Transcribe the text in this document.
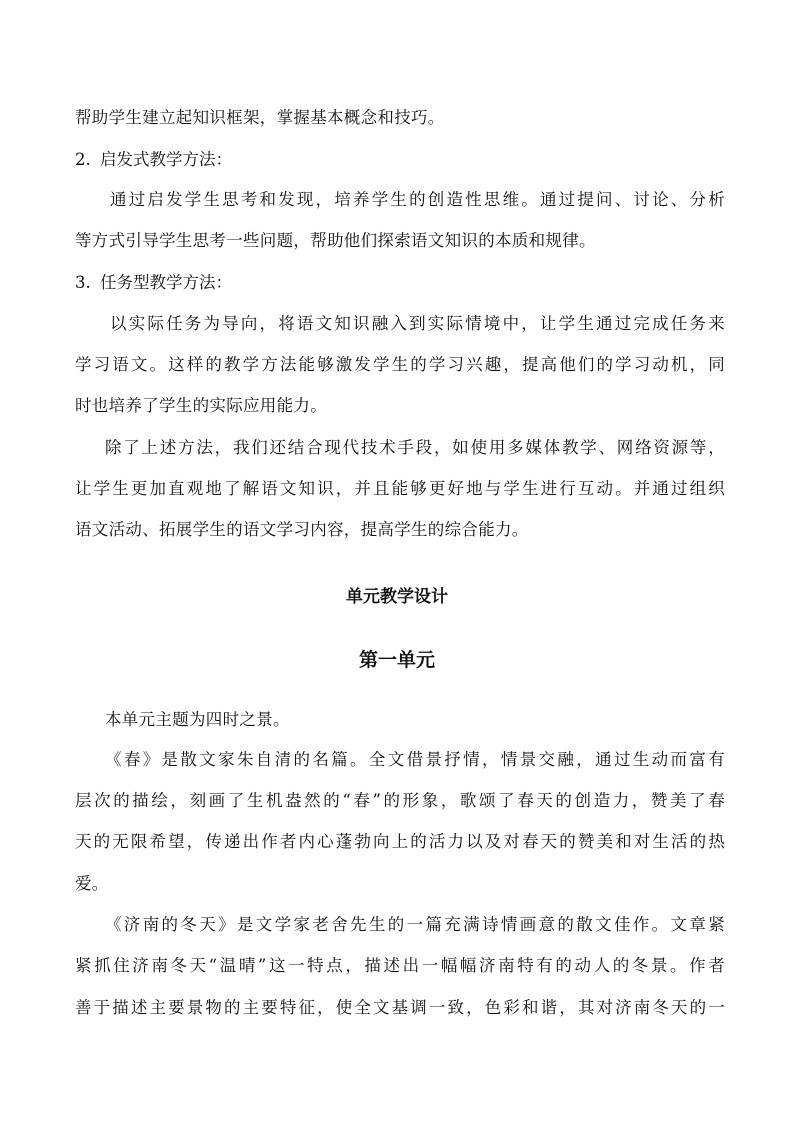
帮助学生建立起知识框架，掌握基本概念和技巧。
2. 启发式教学方法：
通过启发学生思考和发现，培养学生的创造性思维。通过提问、讨论、分析
等方式引导学生思考一些问题，帮助他们探索语文知识的本质和规律。
3. 任务型教学方法：
以实际任务为导向，将语文知识融入到实际情境中，让学生通过完成任务来
学习语文。这样的教学方法能够激发学生的学习兴趣，提高他们的学习动机，同
时也培养了学生的实际应用能力。
除了上述方法，我们还结合现代技术手段，如使用多媒体教学、网络资源等，
让学生更加直观地了解语文知识，并且能够更好地与学生进行互动。并通过组织
语文活动、拓展学生的语文学习内容，提高学生的综合能力。
单元教学设计
第一单元
本单元主题为四时之景。
《春》是散文家朱自清的名篇。全文借景抒情，情景交融，通过生动而富有
层次的描绘，刻画了生机盎然的“春”的形象，歌颂了春天的创造力，赞美了春
天的无限希望，传递出作者内心蓬勃向上的活力以及对春天的赞美和对生活的热
爱。
《济南的冬天》是文学家老舍先生的一篇充满诗情画意的散文佳作。文章紧
紧抓住济南冬天“温晴”这一特点，描述出一幅幅济南特有的动人的冬景。作者
善于描述主要景物的主要特征，使全文基调一致，色彩和谐，其对济南冬天的一
